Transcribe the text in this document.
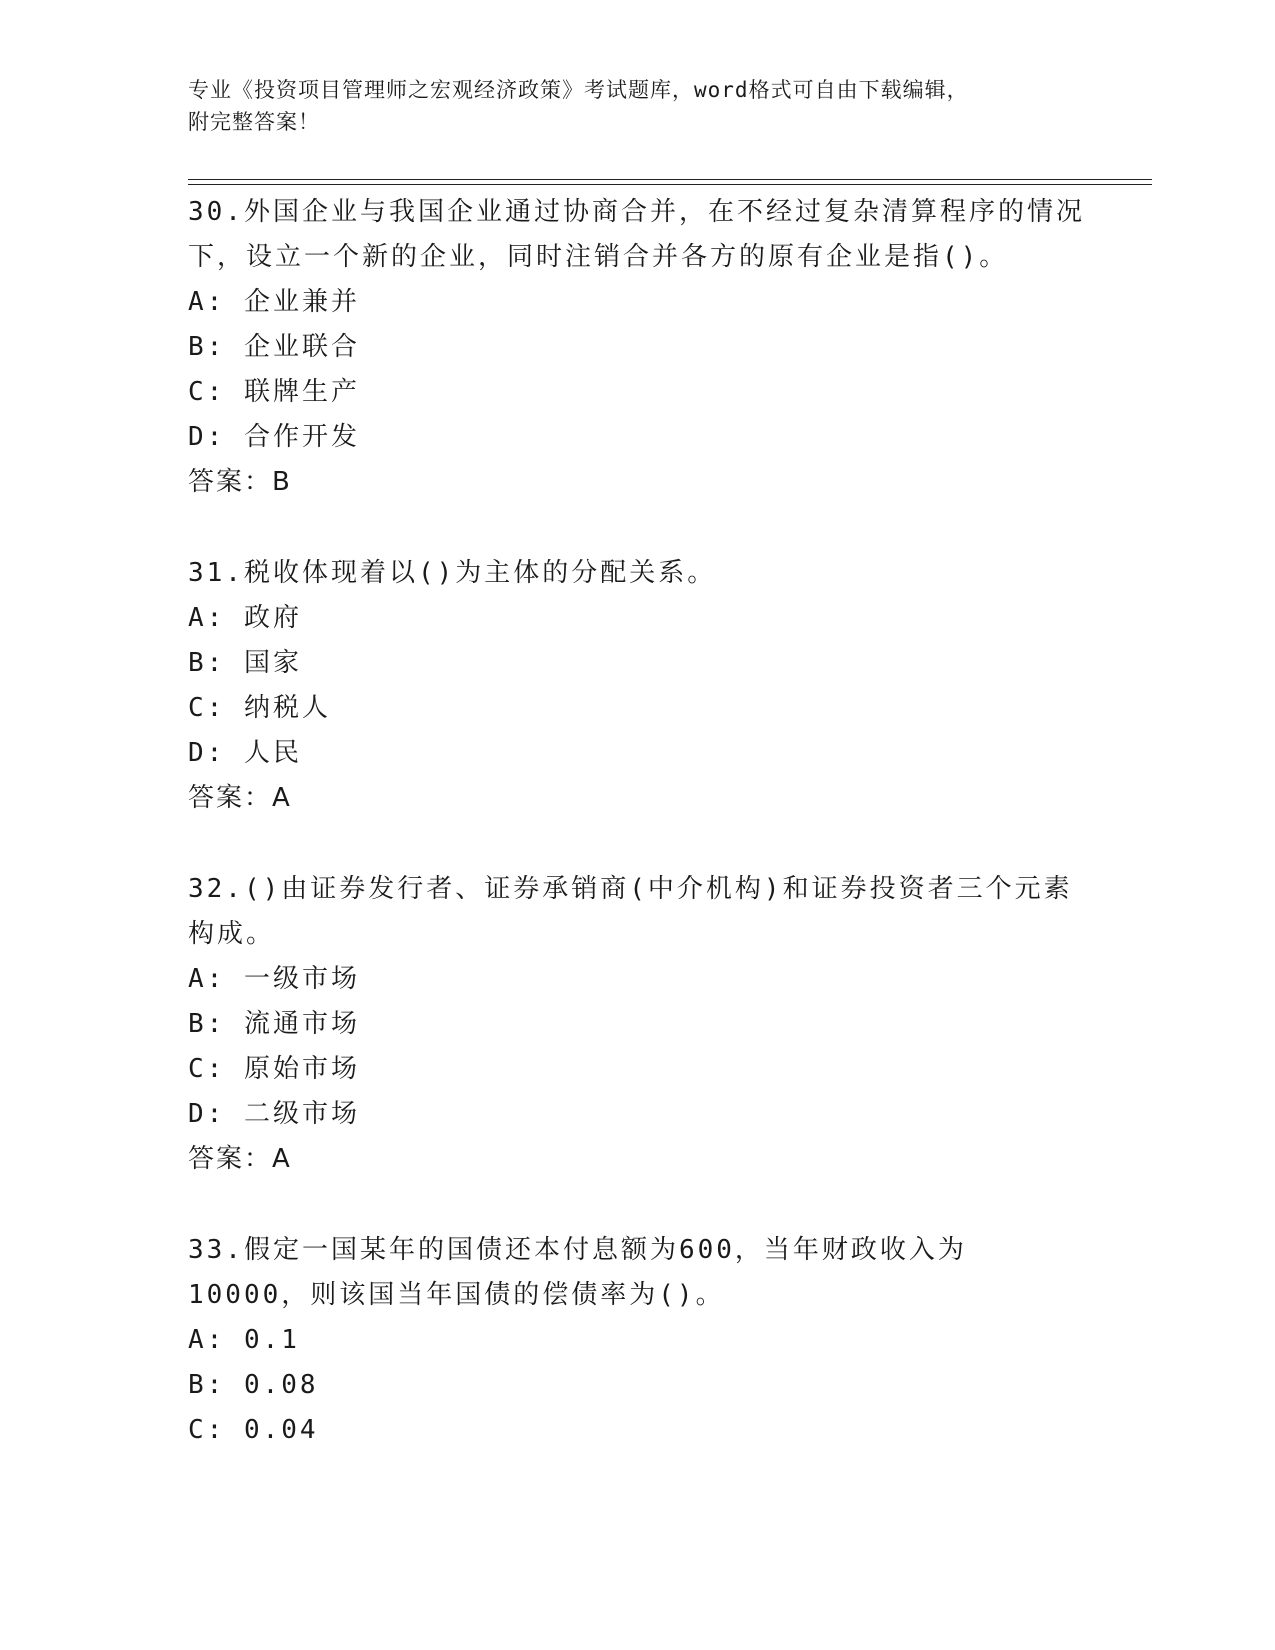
专业《投资项目管理师之宏观经济政策》考试题库，word格式可自由下载编辑，
附完整答案！
30.外国企业与我国企业通过协商合并，在不经过复杂清算程序的情况下，设立一个新的企业，同时注销合并各方的原有企业是指()。
A: 企业兼并
B: 企业联合
C: 联牌生产
D: 合作开发
答案：B
31.税收体现着以()为主体的分配关系。
A: 政府
B: 国家
C: 纳税人
D: 人民
答案：A
32.()由证券发行者、证券承销商(中介机构)和证券投资者三个元素构成。
A: 一级市场
B: 流通市场
C: 原始市场
D: 二级市场
答案：A
33.假定一国某年的国债还本付息额为600，当年财政收入为10000，则该国当年国债的偿债率为()。
A: 0.1
B: 0.08
C: 0.04
